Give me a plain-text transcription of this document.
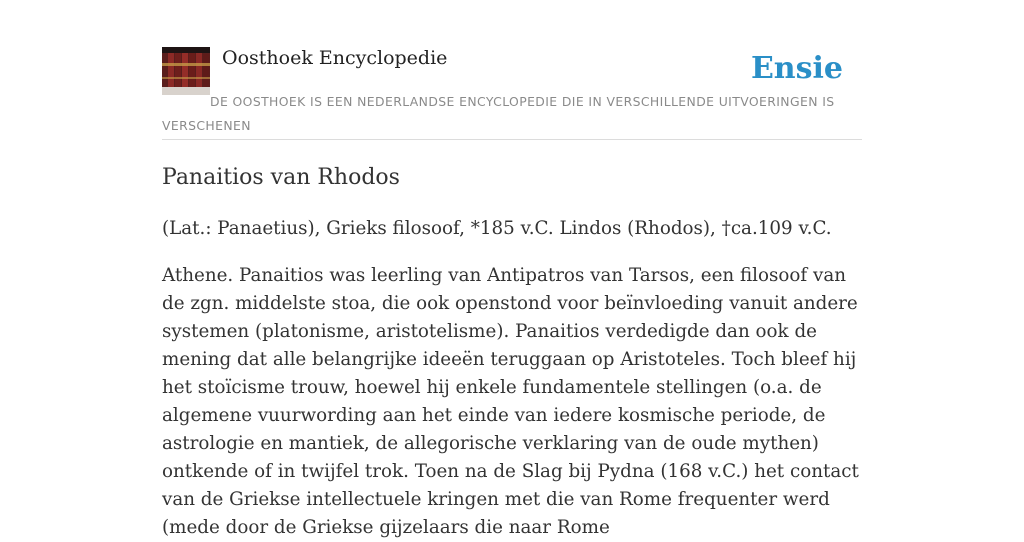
Oosthoek Encyclopedie	Ensie
DE OOSTHOEK IS EEN NEDERLANDSE ENCYCLOPEDIE DIE IN VERSCHILLENDE UITVOERINGEN IS VERSCHENEN
Panaitios van Rhodos

(Lat.: Panaetius), Grieks filosoof, *185 v.C. Lindos (Rhodos), †ca.109 v.C.

Athene. Panaitios was leerling van Antipatros van Tarsos, een filosoof van de zgn. middelste stoa, die ook openstond voor beïnvloeding vanuit andere systemen (platonisme, aristotelisme). Panaitios verdedigde dan ook de mening dat alle belangrijke ideeën teruggaan op Aristoteles. Toch bleef hij het stoïcisme trouw, hoewel hij enkele fundamentele stellingen (o.a. de algemene vuurwording aan het einde van iedere kosmische periode, de astrologie en mantiek, de allegorische verklaring van de oude mythen) ontkende of in twijfel trok. Toen na de Slag bij Pydna (168 v.C.) het contact van de Griekse intellectuele kringen met die van Rome frequenter werd (mede door de Griekse gijzelaars die naar Rome
